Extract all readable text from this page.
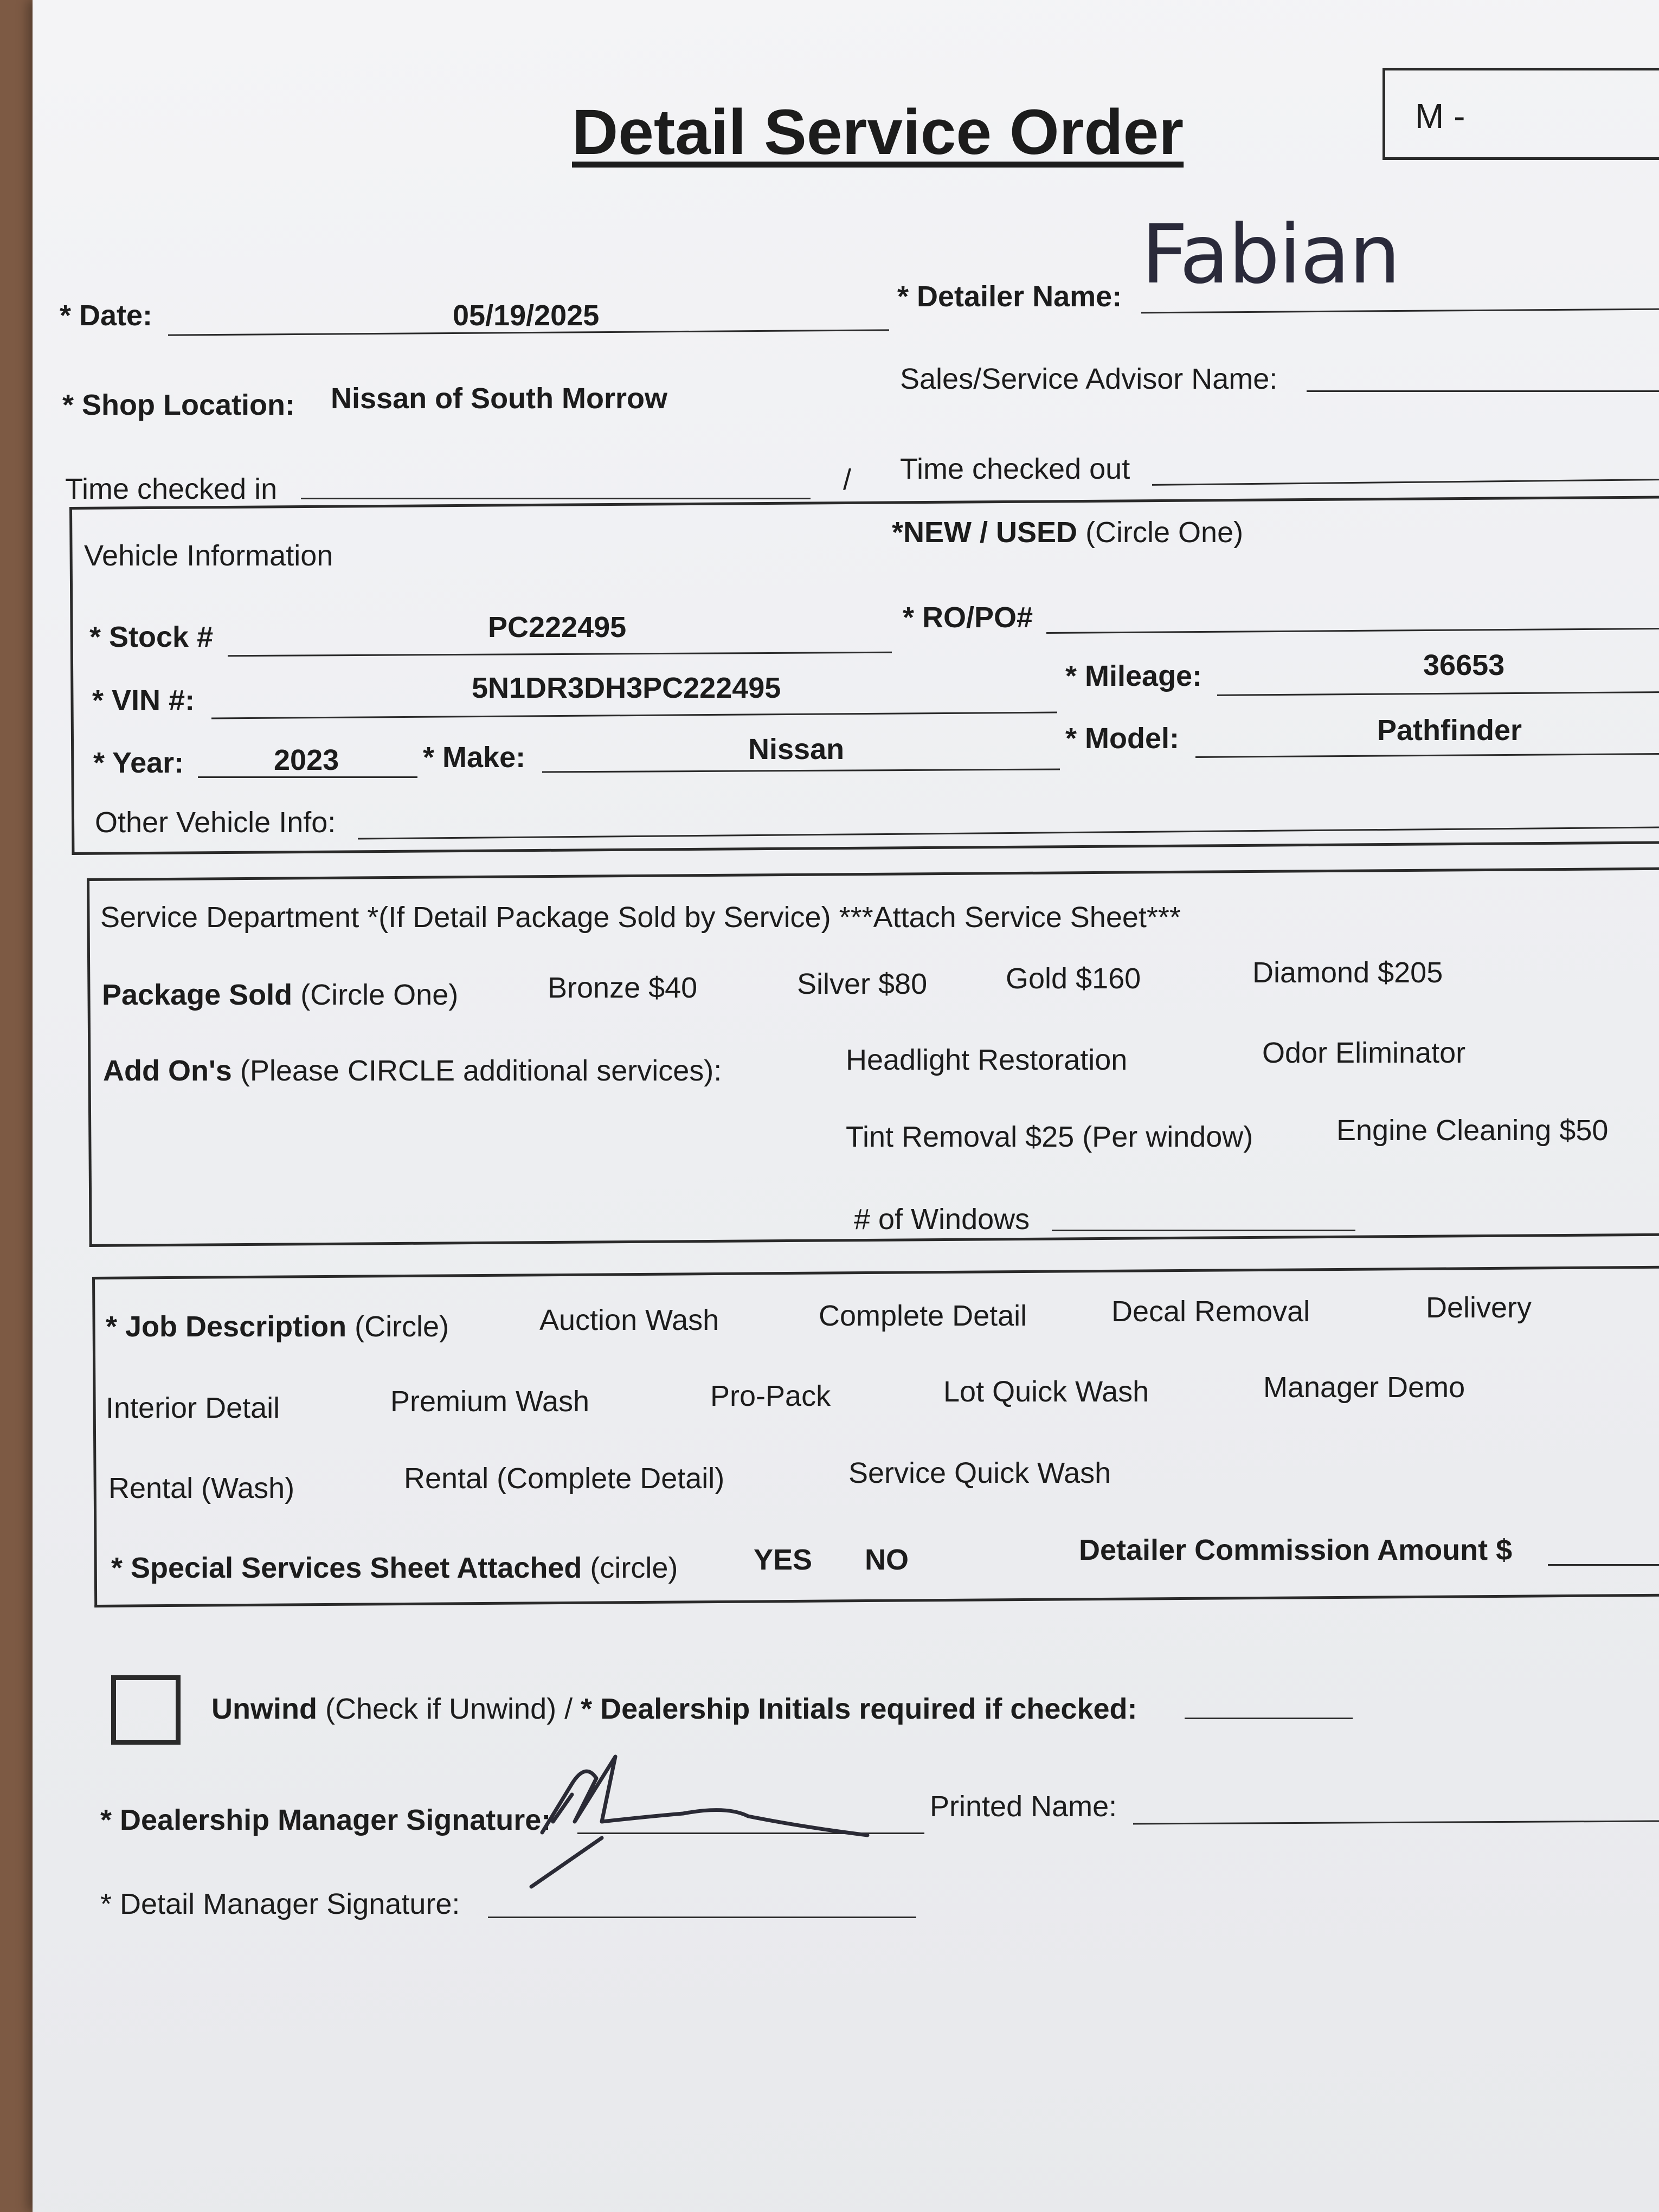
Detail Service Order	M -
* Date:	05/19/2025
* Detailer Name: Fabian
* Shop Location: Nissan of South Morrow
Sales/Service Advisor Name:
Time checked in	/ Time checked out
Vehicle Information
*NEW / USED (Circle One)
* Stock #	PC222495	* RO/PO#
* VIN #:	5N1DR3DH3PC222495	* Mileage:	36653
* Year:	2023	* Make:	Nissan	* Model:	Pathfinder
Other Vehicle Info:
Service Department *(If Detail Package Sold by Service) ***Attach Service Sheet***
Package Sold (Circle One)	Bronze $40	Silver $80	Gold $160	Diamond $205
Add On's (Please CIRCLE additional services):	Headlight Restoration	Odor Eliminator
Tint Removal $25 (Per window)	Engine Cleaning $50
# of Windows
* Job Description (Circle)	Auction Wash	Complete Detail	Decal Removal	Delivery
Interior Detail	Premium Wash	Pro-Pack	Lot Quick Wash	Manager Demo
Rental (Wash)	Rental (Complete Detail)	Service Quick Wash
* Special Services Sheet Attached (circle)	YES NO	Detailer Commission Amount $
Unwind (Check if Unwind) / * Dealership Initials required if checked:
* Dealership Manager Signature:	Printed Name:
* Detail Manager Signature:
